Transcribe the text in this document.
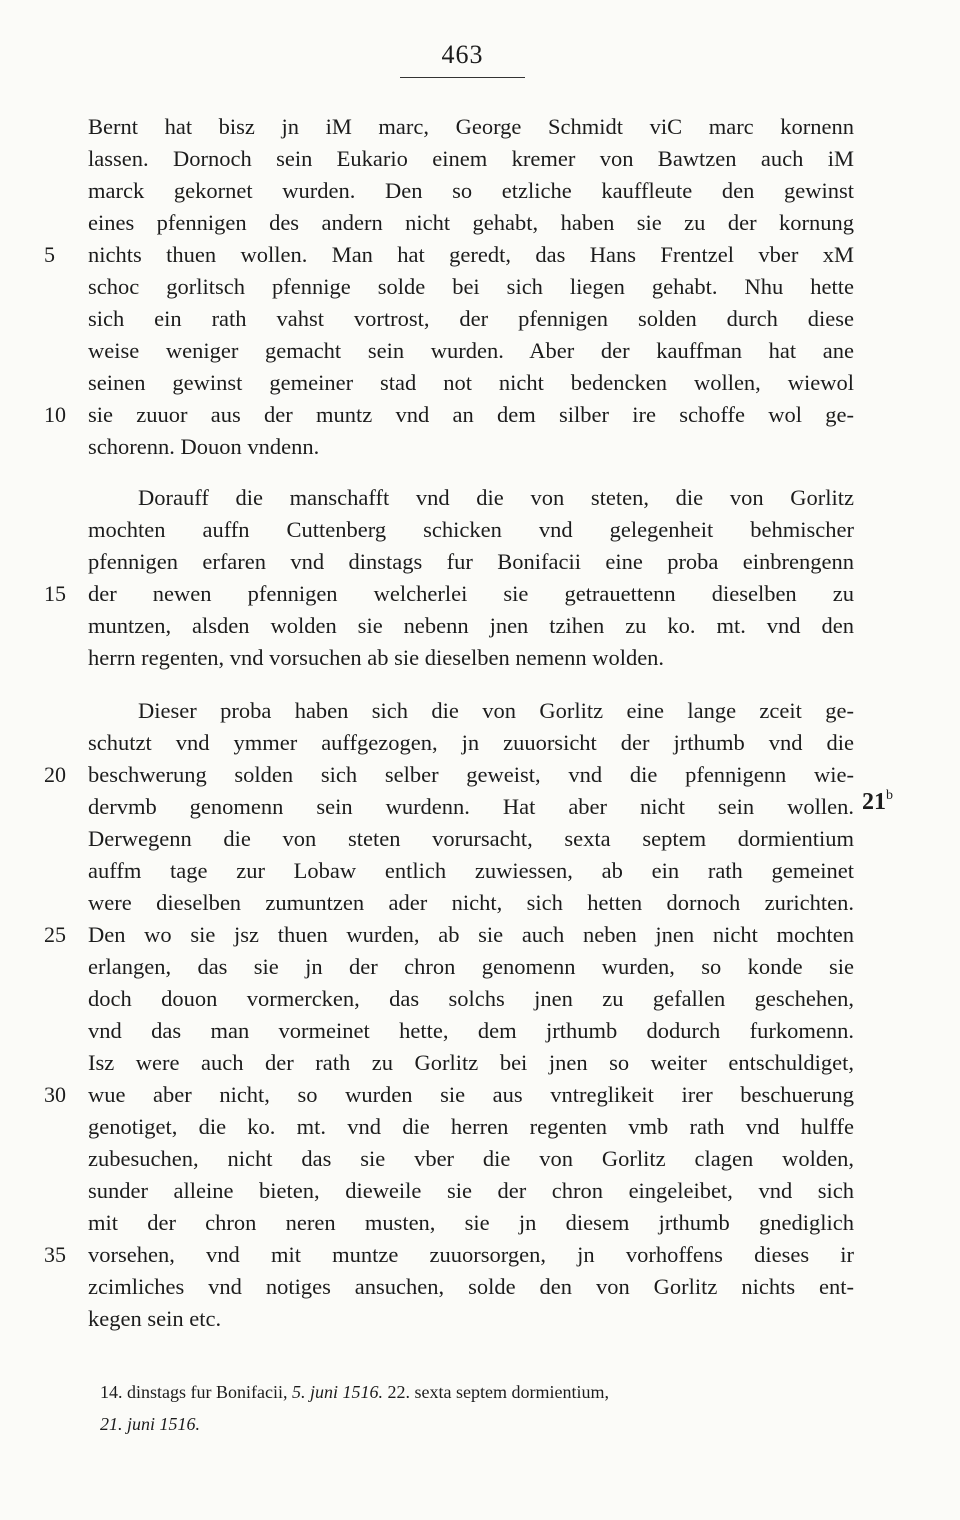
463
Bernt hat bisz jn iM marc, George Schmidt viC marc kornenn
lassen. Dornoch sein Eukario einem kremer von Bawtzen auch iM
marck gekornet wurden. Den so etzliche kauffleute den gewinst
eines pfennigen des andern nicht gehabt, haben sie zu der kornung
5	nichts thuen wollen. Man hat geredt, das Hans Frentzel vber xM
schoc gorlitsch pfennige solde bei sich liegen gehabt. Nhu hette
sich ein rath vahst vortrost, der pfennigen solden durch diese
weise weniger gemacht sein wurden. Aber der kauffman hat ane
seinen gewinst gemeiner stad not nicht bedencken wollen, wiewol
10 sie zuuor aus der muntz vnd an dem silber ire schoffe wol ge-
schorenn. Douon vndenn.
Dorauff die manschafft vnd die von steten, die von Gorlitz
mochten auffn Cuttenberg schicken vnd gelegenheit behmischer
pfennigen erfaren vnd dinstags fur Bonifacii eine proba einbrengenn
15 der newen pfennigen welcherlei sie getrauettenn dieselben zu
muntzen, alsden wolden sie nebenn jnen tzihen zu ko. mt. vnd den
herrn regenten, vnd vorsuchen ab sie dieselben nemenn wolden.
Dieser proba haben sich die von Gorlitz eine lange zceit ge-
schutzt vnd ymmer auffgezogen, jn zuuorsicht der jrthumb vnd die
20 beschwerung solden sich selber geweist, vnd die pfennigenn wie-
dervmb genomenn sein wurdenn. Hat aber nicht sein wollen. 21$^b$
Derwegenn die von steten vorursacht, sexta septem dormientium
auffm tage zur Lobaw entlich zuwiessen, ab ein rath gemeinet
were dieselben zumuntzen ader nicht, sich hetten dornoch zurichten.
25 Den wo sie jsz thuen wurden, ab sie auch neben jnen nicht mochten
erlangen, das sie jn der chron genomenn wurden, so konde sie
doch douon vormercken, das solchs jnen zu gefallen geschehen,
vnd das man vormeinet hette, dem jrthumb dodurch furkomenn.
Isz were auch der rath zu Gorlitz bei jnen so weiter entschuldiget,
30 wue aber nicht, so wurden sie aus vntreglikeit irer beschuerung
genotiget, die ko. mt. vnd die herren regenten vmb rath vnd hulffe
zubesuchen, nicht das sie vber die von Gorlitz clagen wolden,
sunder alleine bieten, dieweile sie der chron eingeleibet, vnd sich
mit der chron neren musten, sie jn diesem jrthumb gnediglich
35 vorsehen, vnd mit muntze zuuorsorgen, jn vorhoffens dieses ir
zcimliches vnd notiges ansuchen, solde den von Gorlitz nichts ent-
kegen sein etc.
14. dinstags fur Bonifacii, 5. juni 1516. 22. sexta septem dormientium,
21. juni 1516.
